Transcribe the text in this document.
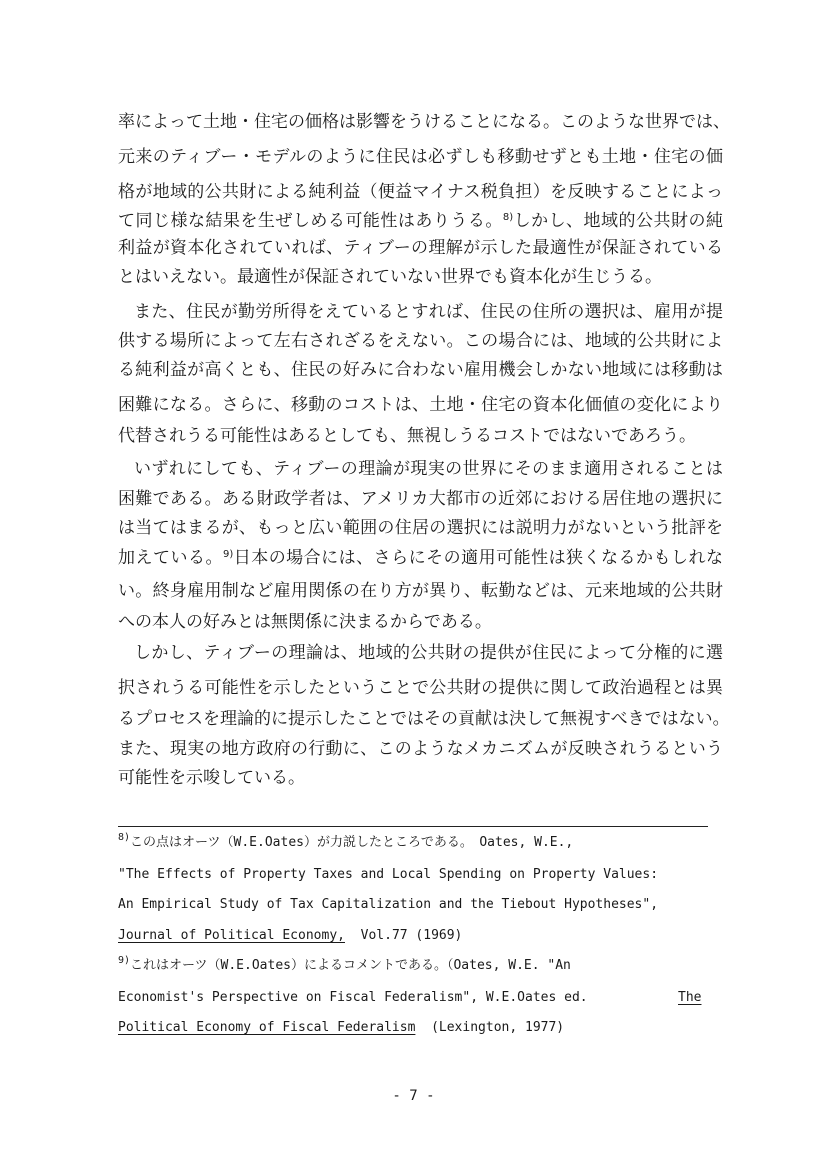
率によって土地・住宅の価格は影響をうけることになる。このような世界では、
元来のティブー・モデルのように住民は必ずしも移動せずとも土地・住宅の価
格が地域的公共財による純利益（便益マイナス税負担）を反映することによっ
て同じ様な結果を生ぜしめる可能性はありうる。$^{8)}$しかし、地域的公共財の純
利益が資本化されていれば、ティブーの理解が示した最適性が保証されている
とはいえない。最適性が保証されていない世界でも資本化が生じうる。
また、住民が勤労所得をえているとすれば、住民の住所の選択は、雇用が提
供する場所によって左右されざるをえない。この場合には、地域的公共財によ
る純利益が高くとも、住民の好みに合わない雇用機会しかない地域には移動は
困難になる。さらに、移動のコストは、土地・住宅の資本化価値の変化により
代替されうる可能性はあるとしても、無視しうるコストではないであろう。
いずれにしても、ティブーの理論が現実の世界にそのまま適用されることは
困難である。ある財政学者は、アメリカ大都市の近郊における居住地の選択に
は当てはまるが、もっと広い範囲の住居の選択には説明力がないという批評を
加えている。$^{9)}$日本の場合には、さらにその適用可能性は狭くなるかもしれな
い。終身雇用制など雇用関係の在り方が異り、転勤などは、元来地域的公共財
への本人の好みとは無関係に決まるからである。
しかし、ティブーの理論は、地域的公共財の提供が住民によって分権的に選
択されうる可能性を示したということで公共財の提供に関して政治過程とは異
るプロセスを理論的に提示したことではその貢献は決して無視すべきではない。
また、現実の地方政府の行動に、このようなメカニズムが反映されうるという
可能性を示唆している。
$^{8)}$この点はオーツ（W.E.Oates）が力説したところである。　Oates, W.E.,
"The Effects of Property Taxes and Local Spending on Property Values:
An Empirical Study of Tax Capitalization and the Tiebout Hypotheses",
Journal of Political Economy, Vol.77 (1969)
$^{9)}$これはオーツ（W.E.Oates）によるコメントである。（Oates, W.E. "An
Economist's Perspective on Fiscal Federalism", W.E.Oates ed.	The
Political Economy of Fiscal Federalism (Lexington, 1977)
- 7 -
